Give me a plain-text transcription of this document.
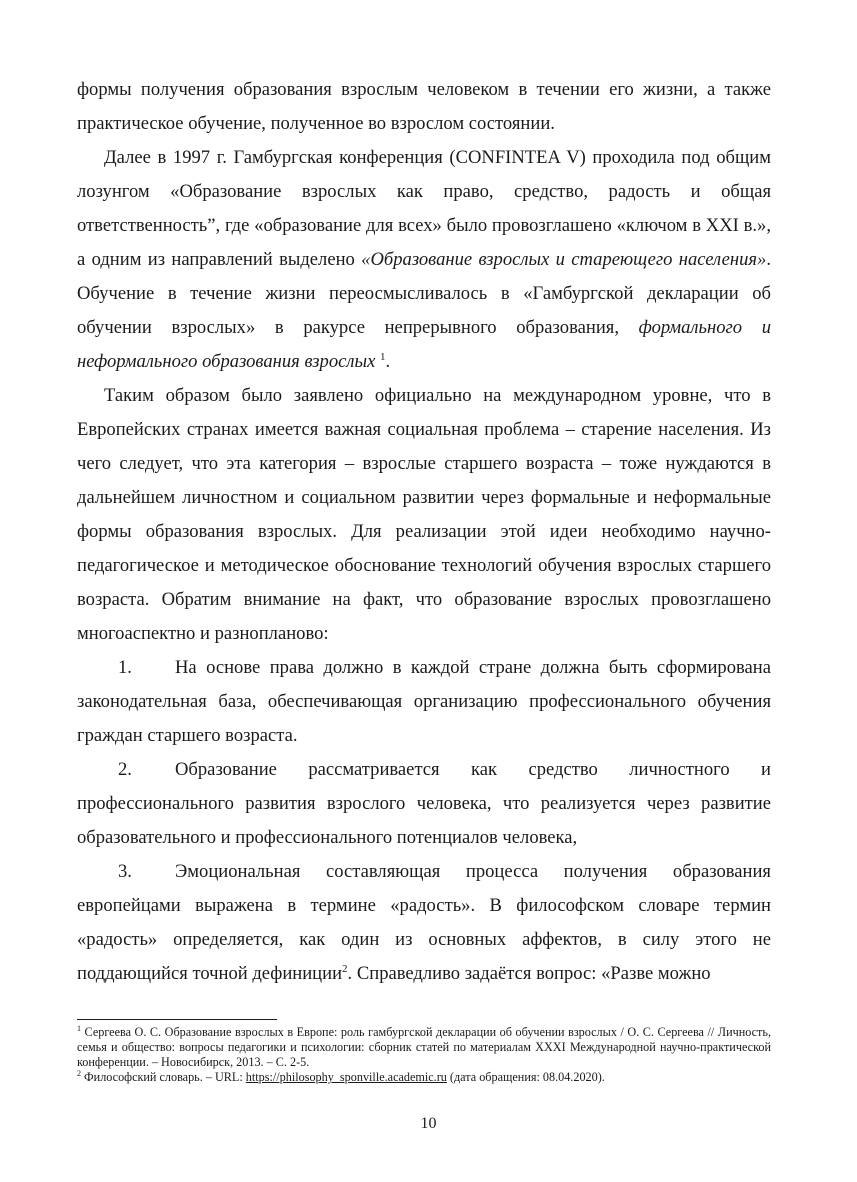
формы получения образования взрослым человеком в течении его жизни, а также практическое обучение, полученное во взрослом состоянии.

Далее в 1997 г. Гамбургская конференция (CONFINTEA V) проходила под общим лозунгом «Образование взрослых как право, средство, радость и общая ответственность”, где «образование для всех» было провозглашено «ключом в XXI в.», а одним из направлений выделено «Образование взрослых и стареющего населения». Обучение в течение жизни переосмысливалось в «Гамбургской декларации об обучении взрослых» в ракурсе непрерывного образования, формального и неформального образования взрослых $^1$.

Таким образом было заявлено официально на международном уровне, что в Европейских странах имеется важная социальная проблема – старение населения. Из чего следует, что эта категория – взрослые старшего возраста – тоже нуждаются в дальнейшем личностном и социальном развитии через формальные и неформальные формы образования взрослых. Для реализации этой идеи необходимо научно-педагогическое и методическое обоснование технологий обучения взрослых старшего возраста. Обратим внимание на факт, что образование взрослых провозглашено многоаспектно и разнопланово:

1. На основе права должно в каждой стране должна быть сформирована законодательная база, обеспечивающая организацию профессионального обучения граждан старшего возраста.

2. Образование рассматривается как средство личностного и профессионального развития взрослого человека, что реализуется через развитие образовательного и профессионального потенциалов человека,

3. Эмоциональная составляющая процесса получения образования европейцами выражена в термине «радость». В философском словаре термин «радость» определяется, как один из основных аффектов, в силу этого не поддающийся точной дефиниции$^2$. Справедливо задаётся вопрос: «Разве можно

$^1$ Сергеева О. С. Образование взрослых в Европе: роль гамбургской декларации об обучении взрослых / О. С. Сергеева // Личность, семья и общество: вопросы педагогики и психологии: сборник статей по материалам XXXI Международной научно-практической конференции. – Новосибирск, 2013. – С. 2-5.

$^2$ Философский словарь. – URL: https://philosophy_sponville.academic.ru (дата обращения: 08.04.2020).

10
